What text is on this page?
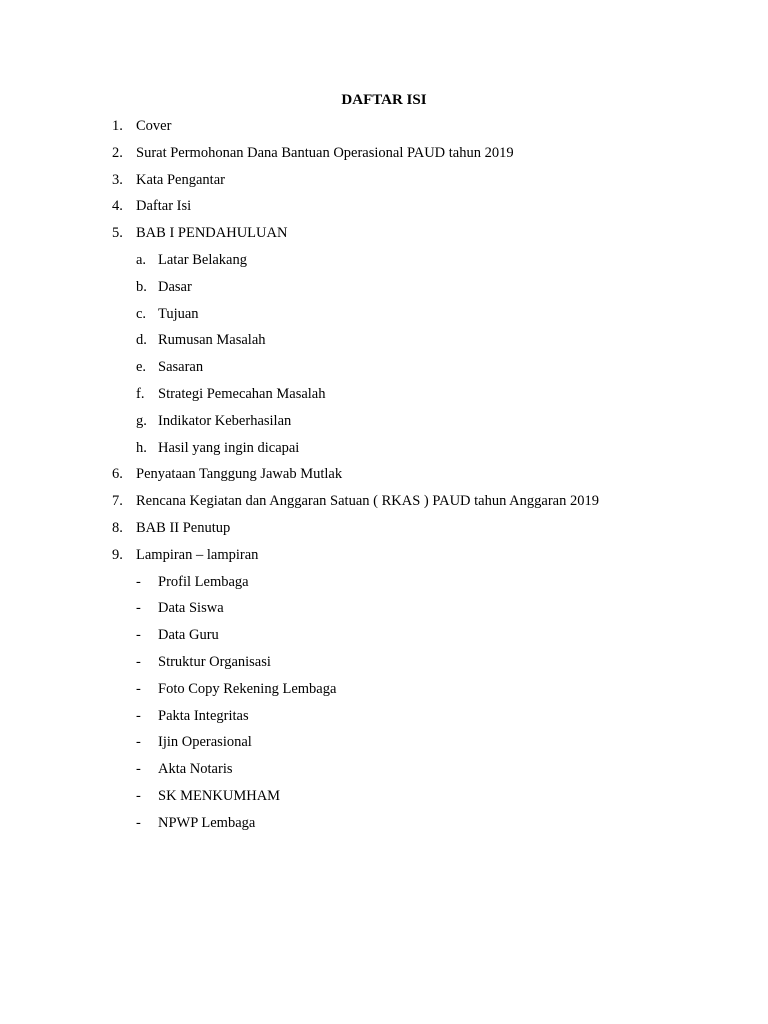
DAFTAR ISI
1. Cover
2. Surat Permohonan Dana Bantuan Operasional PAUD tahun 2019
3. Kata Pengantar
4. Daftar Isi
5. BAB I PENDAHULUAN
a. Latar Belakang
b. Dasar
c. Tujuan
d. Rumusan Masalah
e. Sasaran
f. Strategi Pemecahan Masalah
g. Indikator Keberhasilan
h. Hasil yang ingin dicapai
6. Penyataan Tanggung Jawab Mutlak
7. Rencana Kegiatan dan Anggaran Satuan ( RKAS ) PAUD tahun Anggaran 2019
8. BAB II Penutup
9. Lampiran – lampiran
- Profil Lembaga
- Data Siswa
- Data Guru
- Struktur Organisasi
- Foto Copy Rekening Lembaga
- Pakta Integritas
- Ijin Operasional
- Akta Notaris
- SK MENKUMHAM
- NPWP Lembaga
